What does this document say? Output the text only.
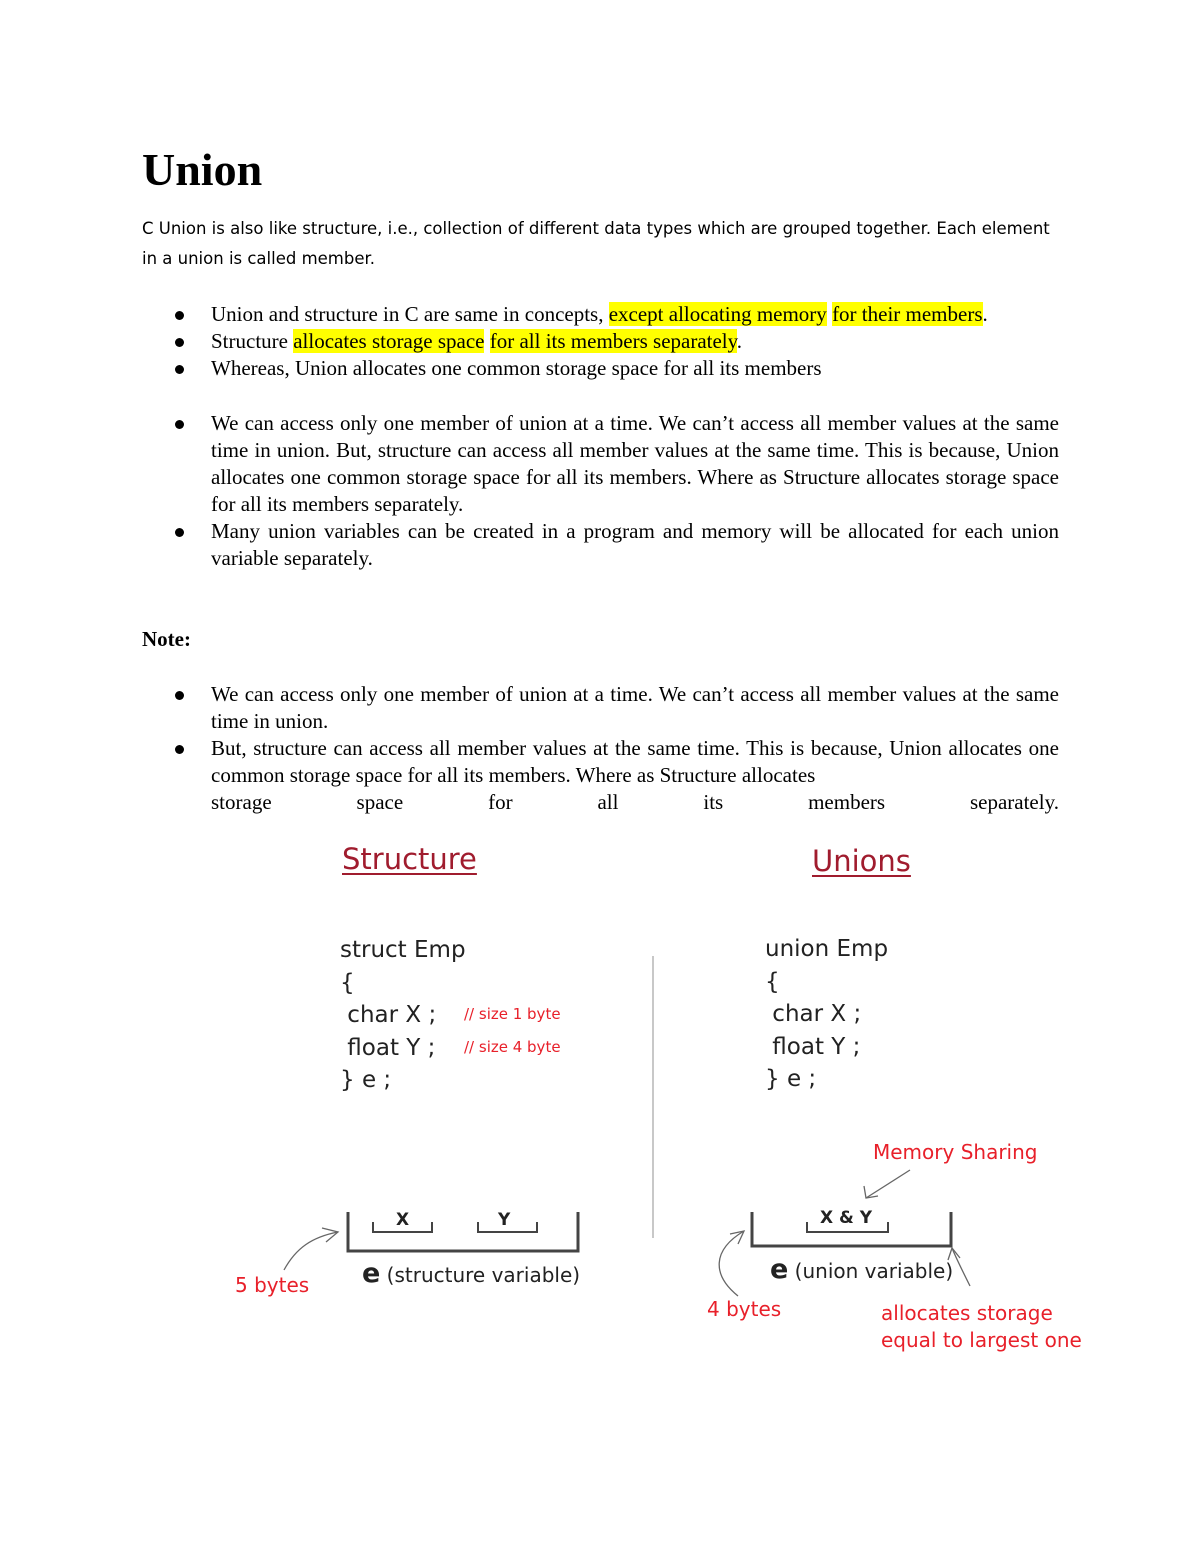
Union

C Union is also like structure, i.e., collection of different data types which are grouped together. Each element in a union is called member.

Union and structure in C are same in concepts, except allocating memory for their members.
Structure allocates storage space for all its members separately.
Whereas, Union allocates one common storage space for all its members
We can access only one member of union at a time. We can’t access all member values at the same time in union. But, structure can access all member values at the same time. This is because, Union allocates one common storage space for all its members. Where as Structure allocates storage space for all its members separately.
Many union variables can be created in a program and memory will be allocated for each union variable separately.

Note:

We can access only one member of union at a time. We can’t access all member values at the same time in union.
But, structure can access all member values at the same time. This is because, Union allocates one common storage space for all its members. Where as Structure allocates
storage	space	for	all	its	members	separately.

Structure	Unions

struct Emp
{
char X ;
float Y ;
} e ;
// size 1 byte
// size 4 byte
union Emp
{
char X ;
float Y ;
} e ;
X	Y	X & Y
e (structure variable)	e (union variable)
5 bytes
4 bytes
Memory Sharing
allocates storage
equal to largest one
